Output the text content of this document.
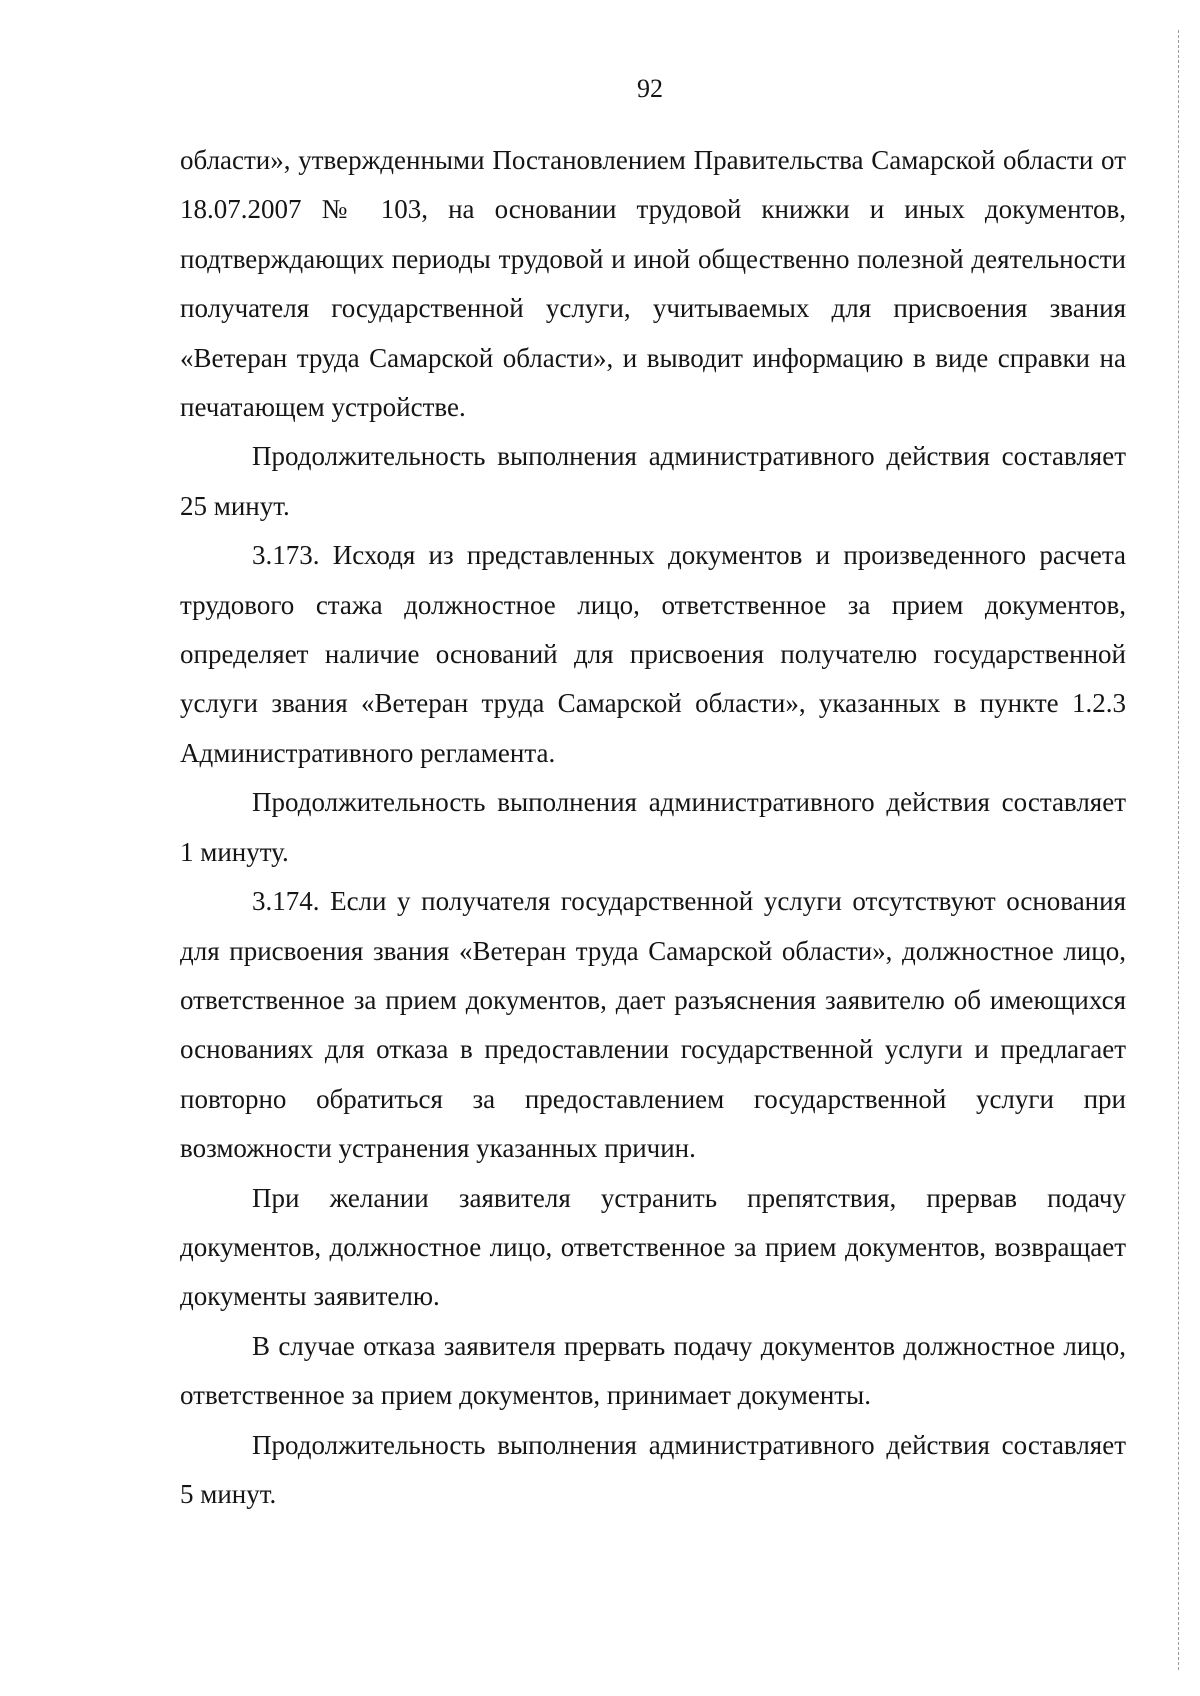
92

области», утвержденными Постановлением Правительства Самарской области от 18.07.2007 № 103, на основании трудовой книжки и иных документов, подтверждающих периоды трудовой и иной общественно полезной деятельности получателя государственной услуги, учитываемых для присвоения звания «Ветеран труда Самарской области», и выводит информацию в виде справки на печатающем устройстве.

Продолжительность выполнения административного действия составляет 25 минут.

3.173. Исходя из представленных документов и произведенного расчета трудового стажа должностное лицо, ответственное за прием документов, определяет наличие оснований для присвоения получателю государственной услуги звания «Ветеран труда Самарской области», указанных в пункте 1.2.3 Административного регламента.

Продолжительность выполнения административного действия составляет 1 минуту.

3.174. Если у получателя государственной услуги отсутствуют основания для присвоения звания «Ветеран труда Самарской области», должностное лицо, ответственное за прием документов, дает разъяснения заявителю об имеющихся основаниях для отказа в предоставлении государственной услуги и предлагает повторно обратиться за предоставлением государственной услуги при возможности устранения указанных причин.

При желании заявителя устранить препятствия, прервав подачу документов, должностное лицо, ответственное за прием документов, возвращает документы заявителю.

В случае отказа заявителя прервать подачу документов должностное лицо, ответственное за прием документов, принимает документы.

Продолжительность выполнения административного действия составляет 5 минут.
